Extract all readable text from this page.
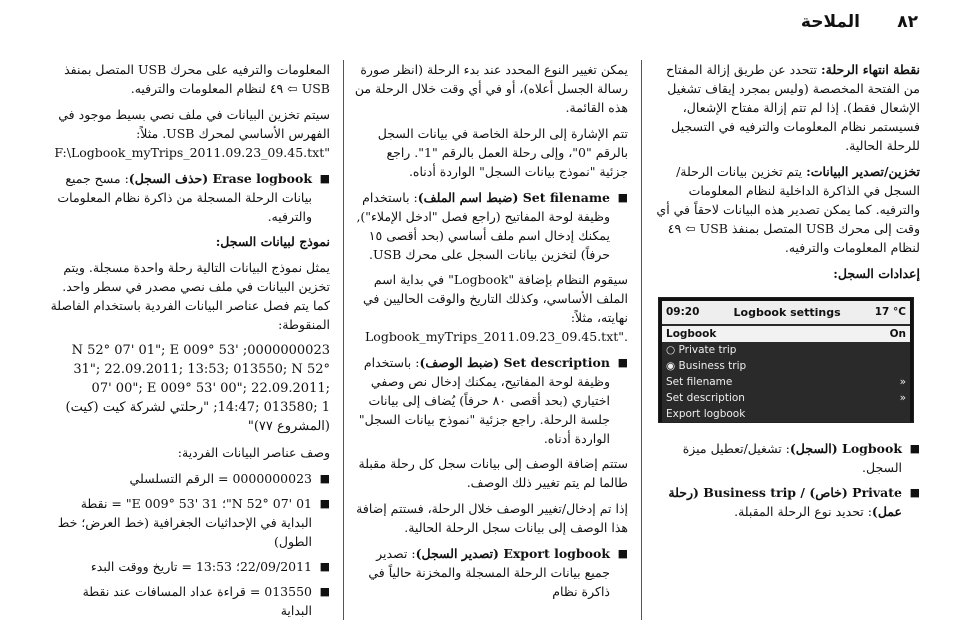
٨٢
الملاحة

نقطة انتهاء الرحلة: تتحدد عن طريق إزالة المفتاح من الفتحة المخصصة (وليس بمجرد إيقاف تشغيل الإشعال فقط). إذا لم تتم إزالة مفتاح الإشعال، فسيستمر نظام المعلومات والترفيه في التسجيل للرحلة الحالية.

تخزين/تصدير البيانات: يتم تخزين بيانات الرحلة/ السجل في الذاكرة الداخلية لنظام المعلومات والترفيه. كما يمكن تصدير هذه البيانات لاحقاً في أي وقت إلى محرك USB المتصل بمنفذ USB ⇦ ٤٩ لنظام المعلومات والترفيه.

إعدادات السجل:

09:20	Logbook settings	17 °C
Logbook	On
○ Private trip
◉ Business trip
Set filename	»
Set description	»
Export logbook
■ Logbook (السجل): تشغيل/تعطيل ميزة السجل.
■ Private (خاص) / Business trip (رحلة عمل): تحديد نوع الرحلة المقبلة.

يمكن تغيير النوع المحدد عند بدء الرحلة (انظر صورة رسالة الجسل أعلاه)، أو في أي وقت خلال الرحلة من هذه القائمة.

تتم الإشارة إلى الرحلة الخاصة في بيانات السجل بالرقم "0"، وإلى رحلة العمل بالرقم "1". راجع جزئية "نموذج بيانات السجل" الواردة أدناه.

■ Set filename (ضبط اسم الملف): باستخدام وظيفة لوحة المفاتيح (راجع فصل "ادخل الإملاء"), يمكنك إدخال اسم ملف أساسي (بحد أقصى ١٥ حرفاً) لتخزين بيانات السجل على محرك USB.

سيقوم النظام بإضافة "Logbook" في بداية اسم الملف الأساسي، وكذلك التاريخ والوقت الحاليين في نهايته، مثلاً:
Logbook_myTrips_2011.09.23_09.45.txt".

■ Set description (ضبط الوصف): باستخدام وظيفة لوحة المفاتيح، يمكنك إدخال نص وصفي اختياري (بحد أقصى ٨٠ حرفاً) يُضاف إلى بيانات جلسة الرحلة. راجع جزئية "نموذج بيانات السجل" الواردة أدناه.

ستتم إضافة الوصف إلى بيانات سجل كل رحلة مقبلة طالما لم يتم تغيير ذلك الوصف.

إذا تم إدخال/تغيير الوصف خلال الرحلة، فستتم إضافة هذا الوصف إلى بيانات سجل الرحلة الحالية.

■ Export logbook (تصدير السجل): تصدير جميع بيانات الرحلة المسجلة والمخزنة حالياً في ذاكرة نظام

المعلومات والترفيه على محرك USB المتصل بمنفذ USB ⇦ ٤٩ لنظام المعلومات والترفيه.

سيتم تخزين البيانات في ملف نصي بسيط موجود في الفهرس الأساسي لمحرك USB. مثلاً:
F:\Logbook_myTrips_2011.09.23_09.45.txt"

■ Erase logbook (حذف السجل): مسح جميع بيانات الرحلة المسجلة من ذاكرة نظام المعلومات والترفيه.

نموذج لبيانات السجل:

يمثل نموذج البيانات التالية رحلة واحدة مسجلة. ويتم تخزين البيانات في ملف نصي مصدر في سطر واحد. كما يتم فصل عناصر البيانات الفردية باستخدام الفاصلة المنقوطة:

0000000023; N 52° 07' 01"; E 009° 53' 31"; 22.09.2011; 13:53; 013550; N 52° 07' 00"; E 009° 53' 00"; 22.09.2011; 14:47; 013580; 1; "رحلتي لشركة كيت (كيت) (المشروع ٧٧)"

وصف عناصر البيانات الفردية:

■ 0000000023 = الرقم التسلسلي
■ N 52° 07' 01"؛ E 009° 53' 31" = نقطة البداية في الإحداثيات الجغرافية (خط العرض؛ خط الطول)
■ 22/09/2011؛ 13:53 = تاريخ ووقت البدء
■ 013550 = قراءة عداد المسافات عند نقطة البداية
